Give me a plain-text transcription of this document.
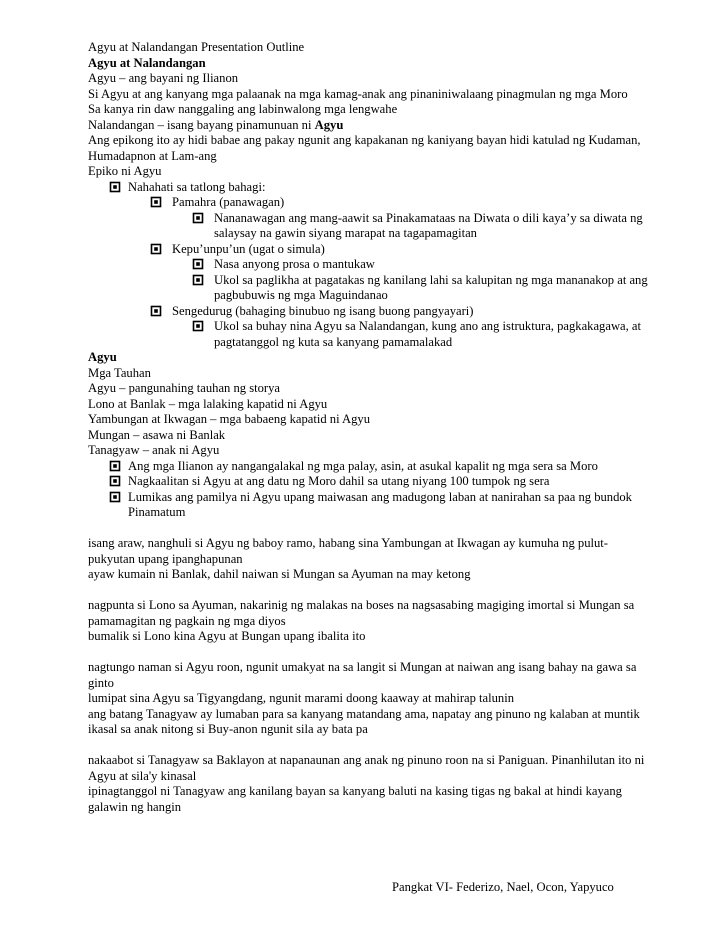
Agyu at Nalandangan Presentation Outline

Agyu at Nalandangan

Agyu – ang bayani ng Ilianon

Si Agyu at ang kanyang mga palaanak na mga kamag-anak ang pinaniniwalaang pinagmulan ng mga Moro

Sa kanya rin daw nanggaling ang labinwalong mga lengwahe

Nalandangan – isang bayang pinamunuan ni Agyu

Ang epikong ito ay hidi babae ang pakay ngunit ang kapakanan ng kaniyang bayan hidi katulad ng Kudaman, Humadapnon at Lam-ang

Epiko ni Agyu

Nahahati sa tatlong bahagi:
Pamahra (panawagan)
Nananawagan ang mang-aawit sa Pinakamataas na Diwata o dili kaya’y sa diwata ng salaysay na gawin siyang marapat na tagapamagitan
Kepu’unpu’un (ugat o simula)
Nasa anyong prosa o mantukaw
Ukol sa paglikha at pagatakas ng kanilang lahi sa kalupitan ng mga mananakop at ang pagbubuwis ng mga Maguindanao
Sengedurug (bahaging binubuo ng isang buong pangyayari)
Ukol sa buhay nina Agyu sa Nalandangan, kung ano ang istruktura, pagkakagawa, at pagtatanggol ng kuta sa kanyang pamamalakad

Agyu

Mga Tauhan

Agyu – pangunahing tauhan ng storya

Lono at Banlak – mga lalaking kapatid ni Agyu

Yambungan at Ikwagan – mga babaeng kapatid ni Agyu

Mungan – asawa ni Banlak

Tanagyaw – anak ni Agyu

Ang mga Ilianon ay nangangalakal ng mga palay, asin, at asukal kapalit ng mga sera sa Moro
Nagkaalitan si Agyu at ang datu ng Moro dahil sa utang niyang 100 tumpok ng sera
Lumikas ang pamilya ni Agyu upang maiwasan ang madugong laban at nanirahan sa paa ng bundok Pinamatum

isang araw, nanghuli si Agyu ng baboy ramo, habang sina Yambungan at Ikwagan ay kumuha ng pulut-pukyutan upang ipanghapunan

ayaw kumain ni Banlak, dahil naiwan si Mungan sa Ayuman na may ketong

nagpunta si Lono sa Ayuman, nakarinig ng malakas na boses na nagsasabing magiging imortal si Mungan sa pamamagitan ng pagkain ng mga diyos

bumalik si Lono kina Agyu at Bungan upang ibalita ito

nagtungo naman si Agyu roon, ngunit umakyat na sa langit si Mungan at naiwan ang isang bahay na gawa sa ginto

lumipat sina Agyu sa Tigyangdang, ngunit marami doong kaaway at mahirap talunin

ang batang Tanagyaw ay lumaban para sa kanyang matandang ama, napatay ang pinuno ng kalaban at muntik ikasal sa anak nitong si Buy-anon ngunit sila ay bata pa

nakaabot si Tanagyaw sa Baklayon at napanaunan ang anak ng pinuno roon na si Paniguan. Pinanhilutan ito ni Agyu at sila'y kinasal

ipinagtanggol ni Tanagyaw ang kanilang bayan sa kanyang baluti na kasing tigas ng bakal at hindi kayang galawin ng hangin

Pangkat VI- Federizo, Nael, Ocon, Yapyuco
